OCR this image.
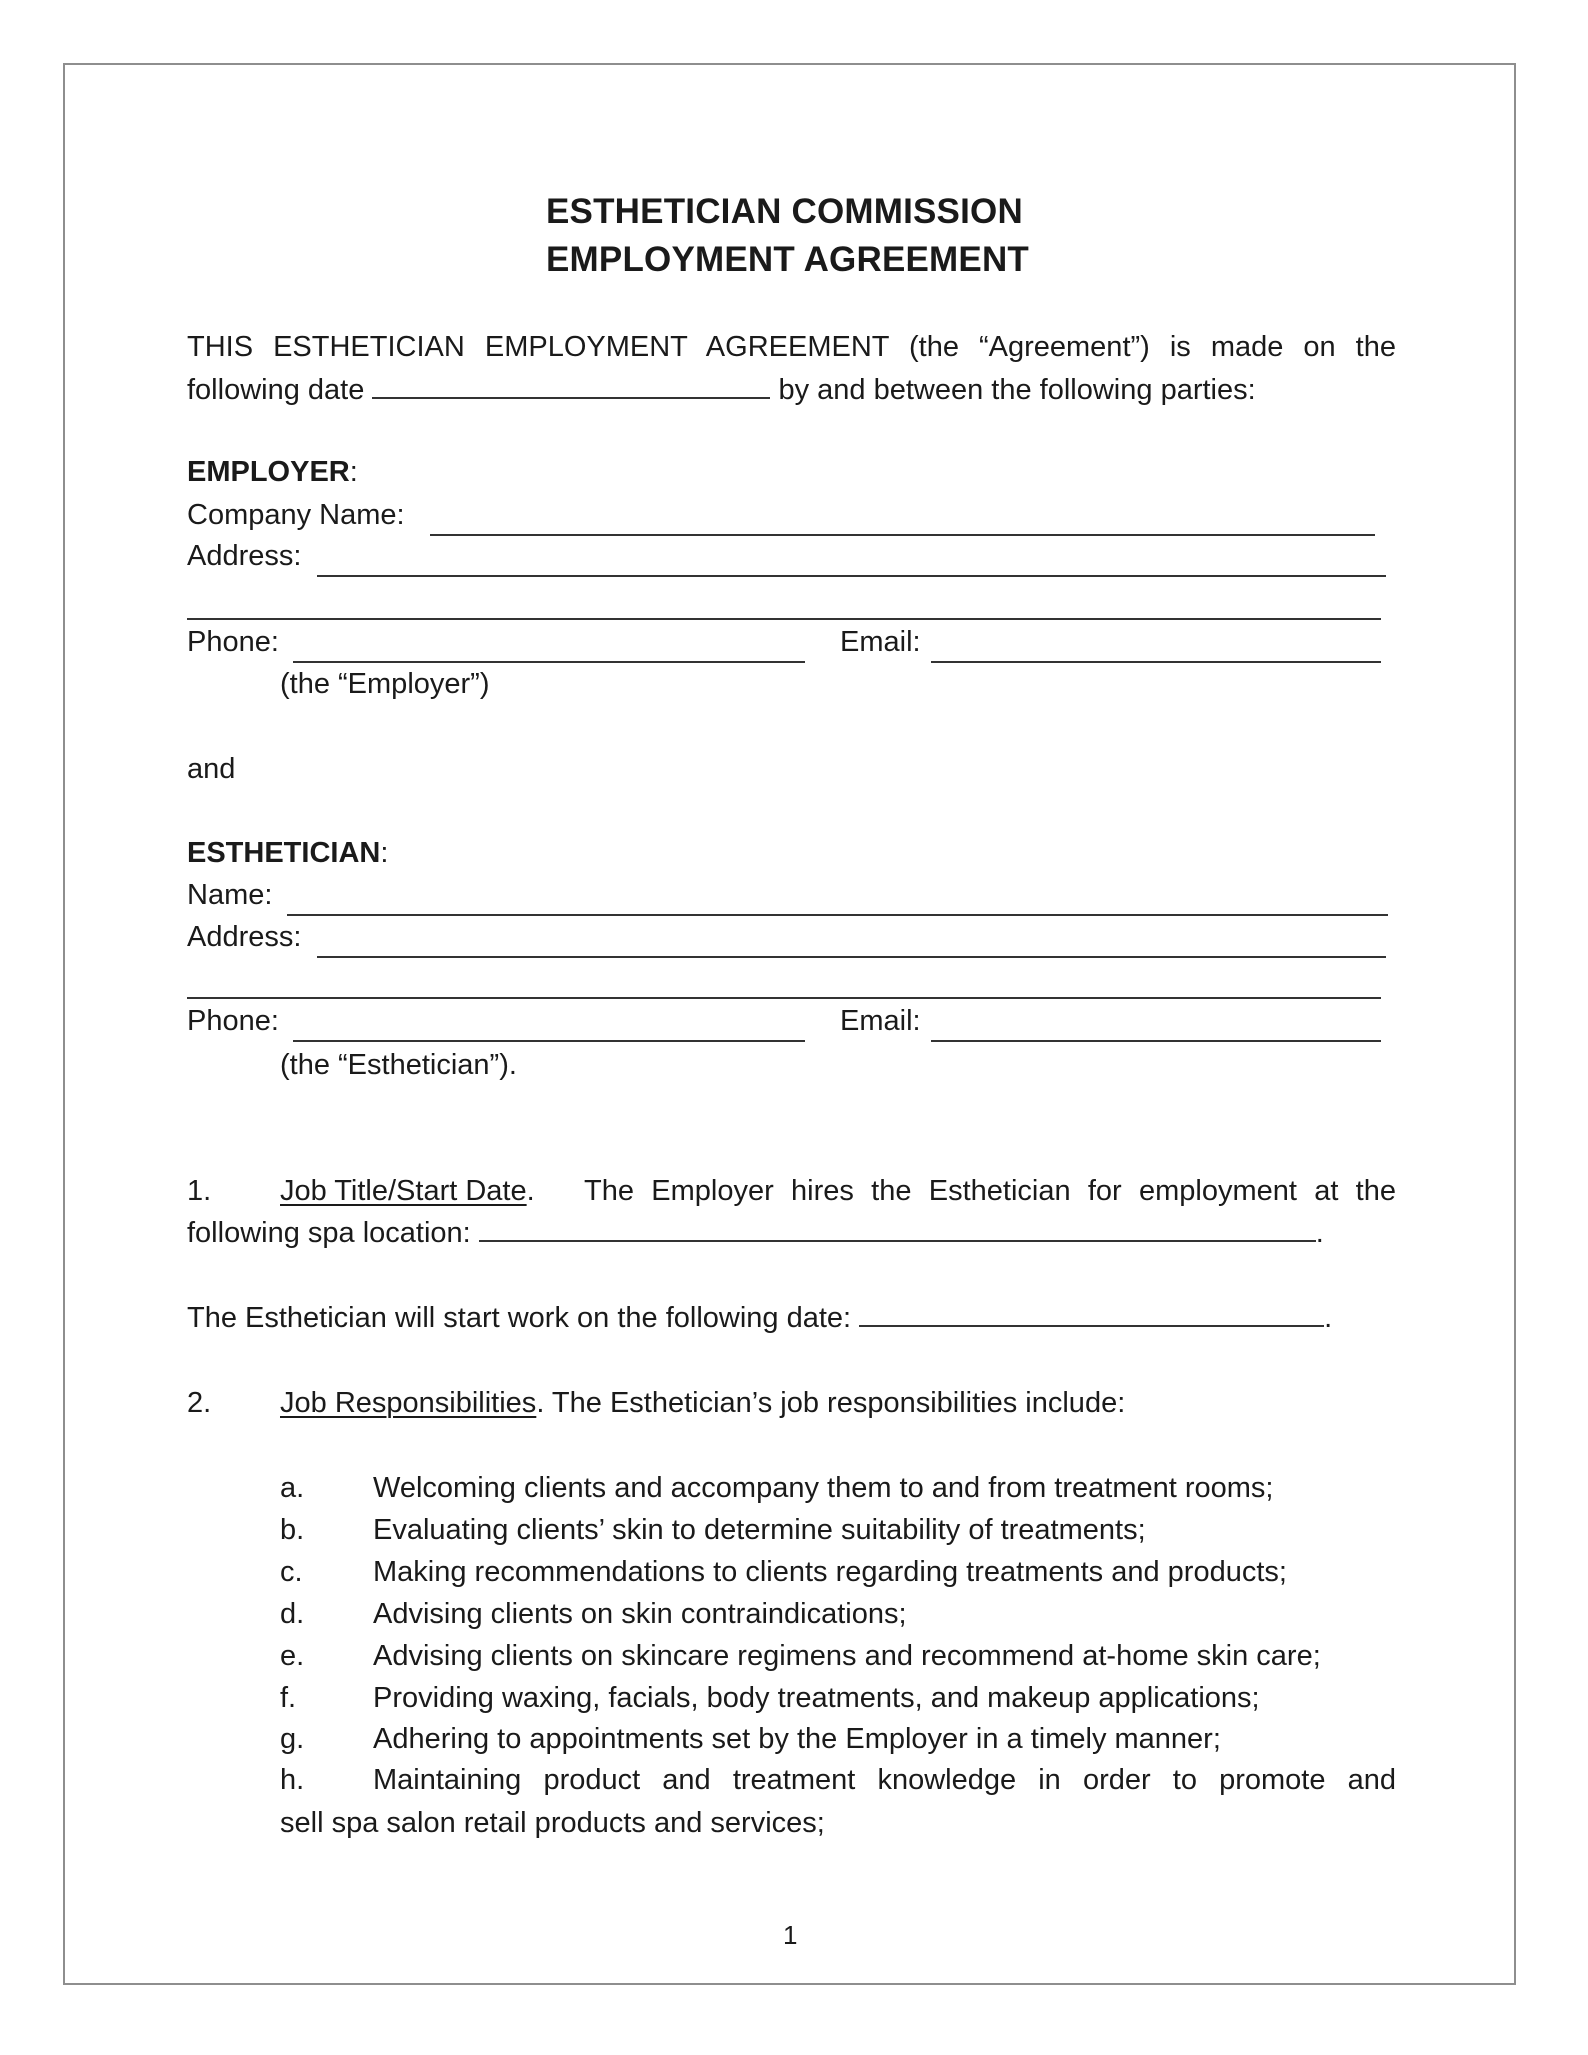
ESTHETICIAN COMMISSION
EMPLOYMENT AGREEMENT
THIS ESTHETICIAN EMPLOYMENT AGREEMENT (the “Agreement”) is made on the
following date	by and between the following parties:
EMPLOYER:
Company Name:
Address:
Phone:	Email:
(the “Employer”)
and
ESTHETICIAN:
Name:
Address:
Phone:	Email:
(the “Esthetician”).
1. Job Title/Start Date. The Employer hires the Esthetician for employment at the
following spa location:	.
The Esthetician will start work on the following date:	.
2. Job Responsibilities. The Esthetician’s job responsibilities include:
a. Welcoming clients and accompany them to and from treatment rooms;
b. Evaluating clients’ skin to determine suitability of treatments;
c. Making recommendations to clients regarding treatments and products;
d. Advising clients on skin contraindications;
e. Advising clients on skincare regimens and recommend at-home skin care;
f.	Providing waxing, facials, body treatments, and makeup applications;
g. Adhering to appointments set by the Employer in a timely manner;
h. Maintaining product and treatment knowledge in order to promote and
sell spa salon retail products and services;
1
